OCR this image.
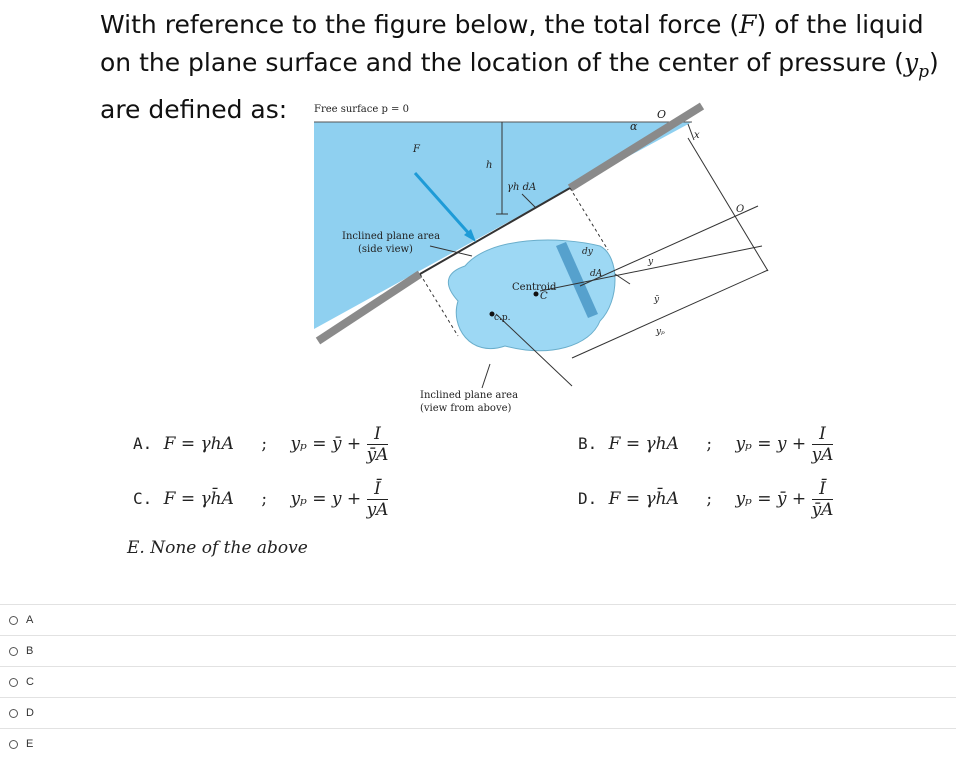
With reference to the figure below, the total force (F) of the liquid on the plane surface and the location of the center of pressure $(y_p)$ are defined as:	Free surface p = 0	O
α
x
F
h
γh dA
O
Inclined plane area
(side view)	dy
dA
y
Centroid
C	ȳ
c.p.
yₚ
Inclined plane area
(view from above)
A. F = γhA ; yₚ = ȳ + $\frac{I}{ȳA}$	B. F = γhA ; $y_p = y + \frac{I}{yA}$
C. F = γh̄A ; $y_p = y + \frac{Ī}{yA}$	D. F = γh̄A ; yₚ = ȳ + $\frac{Ī}{ȳA}$
E. None of the above
A
B
C
D
E
